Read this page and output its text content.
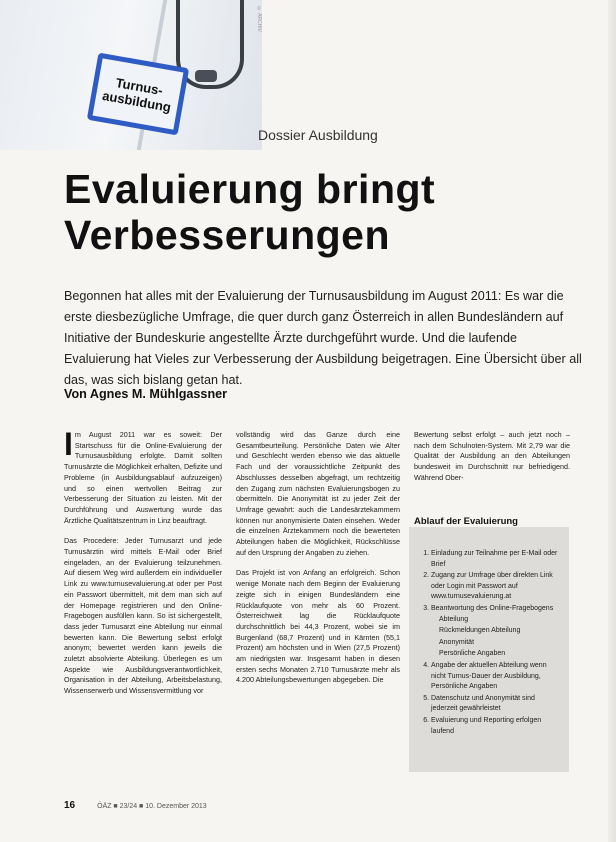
Turnus-
ausbildung
© ARCHIV
Dossier Ausbildung
Evaluierung bringt Verbesserungen
Begonnen hat alles mit der Evaluierung der Turnusausbildung im August 2011: Es war die erste diesbezügliche Umfrage, die quer durch ganz Österreich in allen Bundesländern auf Initiative der Bundeskurie angestellte Ärzte durchgeführt wurde. Und die laufende Evaluierung hat Vieles zur Verbesserung der Ausbildung beigetragen. Eine Übersicht über all das, was sich bislang getan hat.
Von Agnes M. Mühlgassner

Im August 2011 war es soweit: Der Startschuss für die Online-Evaluierung der Turnusausbildung erfolgte. Damit sollten Turnusärzte die Möglichkeit erhalten, Defizite und Probleme (in Ausbildungsablauf aufzuzeigen) und so einen wertvollen Beitrag zur Verbesserung der Situation zu leisten. Mit der Durchführung und Auswertung wurde das Ärztliche Qualitätszentrum in Linz beauftragt.

Das Procedere: Jeder Turnusarzt und jede Turnusärztin wird mittels E-Mail oder Brief eingeladen, an der Evaluierung teilzunehmen. Auf diesem Weg wird außerdem ein individueller Link zu www.turnusevaluierung.at oder per Post ein Passwort übermittelt, mit dem man sich auf der Homepage registrieren und den Online-Fragebogen ausfüllen kann. So ist sichergestellt, dass jeder Turnusarzt eine Abteilung nur einmal bewerten kann. Die Bewertung selbst erfolgt anonym; bewertet werden kann jeweils die zuletzt absolvierte Abteilung. Überlegen es um Aspekte wie Ausbildungsverantwortlichkeit, Organisation in der Abteilung, Arbeitsbelastung, Wissenserwerb und Wissensvermittlung vor

vollständig wird das Ganze durch eine Gesamtbeurteilung. Persönliche Daten wie Alter und Geschlecht werden ebenso wie das aktuelle Fach und der voraussichtliche Zeitpunkt des Abschlusses desselben abgefragt, um rechtzeitig den Zugang zum nächsten Evaluierungsbogen zu übermitteln. Die Anonymität ist zu jeder Zeit der Umfrage gewahrt: auch die Landesärztekammern können nur anonymisierte Daten einsehen. Weder die einzelnen Ärztekammern noch die bewerteten Abteilungen haben die Möglichkeit, Rückschlüsse auf den Ursprung der Angaben zu ziehen.

Das Projekt ist von Anfang an erfolgreich. Schon wenige Monate nach dem Beginn der Evaluierung zeigte sich in einigen Bundesländern eine Rücklaufquote von mehr als 60 Prozent. Österreichweit lag die Rücklaufquote durchschnittlich bei 44,3 Prozent, wobei sie im Burgenland (68,7 Prozent) und in Kärnten (55,1 Prozent) am höchsten und in Wien (27,5 Prozent) am niedrigsten war. Insgesamt haben in diesen ersten sechs Monaten 2.710 Turnusärzte mehr als 4.200 Abteilungsbewertungen abgegeben. Die

Bewertung selbst erfolgt – auch jetzt noch – nach dem Schulnoten-System. Mit 2,79 war die Qualität der Ausbildung an den Abteilungen bundesweit im Durchschnitt nur befriedigend. Während Ober-

Ablauf der Evaluierung
1. Einladung zur Teilnahme per E-Mail oder Brief
2. Zugang zur Umfrage über direkten Link oder Login mit Passwort auf www.turnusevaluierung.at
3. Beantwortung des Online-Fragebogens
Abteilung
Rückmeldungen Abteilung
Anonymität
Persönliche Angaben
4. Angabe der aktuellen Abteilung wenn nicht Turnus-Dauer der Ausbildung, Persönliche Angaben
5. Datenschutz und Anonymität sind jederzeit gewährleistet
6. Evaluierung und Reporting erfolgen laufend
16	ÖÄZ ■ 23/24 ■ 10. Dezember 2013
